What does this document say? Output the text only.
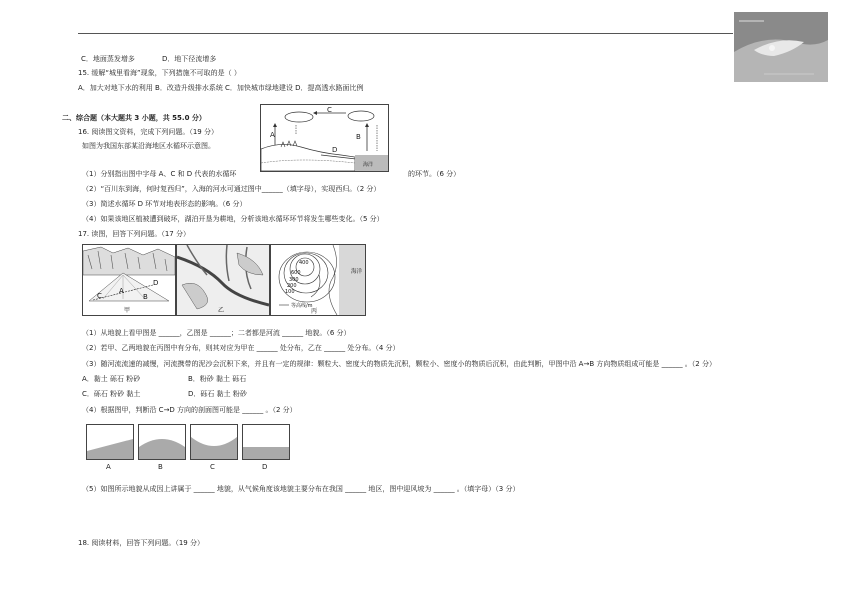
C．地面蒸发增多	D．地下径流增多
15. 缓解“城里看海”现象，下列措施不可取的是（ ）
A．加大对地下水的利用 B．改造升级排水系统 C．加快城市绿地建设 D．提高透水路面比例
二、综合题（本大题共 3 小题，共 55.0 分）
16. 阅读图文资料，完成下列问题。（19 分）
如图为我国东部某沿海地区水循环示意图。
A
C
D
B
海洋
（1）分别指出图中字母 A、C 和 D 代表的水循环	的环节。（6 分）
（2）“百川东到海，何时复西归”，入海的河水可通过图中______（填字母），实现西归。（2 分）
（3）简述水循环 D 环节对地表形态的影响。（6 分）
（4）如果该地区植被遭到破坏，湖泊开垦为耕地，分析该地水循环环节将发生哪些变化。（5 分）
17. 读图，回答下列问题。（17 分）
C
D
A
B
甲	乙
400
600
300
200
100
海洋
等高线/m
丙
（1）从地貌上看甲图是 ______，乙图是 ______；二者都是河流 ______ 地貌。（6 分）
（2）若甲、乙两地貌在丙图中有分布，则其对应为甲在 ______ 处分布，乙在 ______ 处分布。（4 分）
（3）随河流流速的减慢，河流携带的泥沙会沉积下来，并且有一定的规律：颗粒大、密度大的物质先沉积，颗粒小、密度小的物质后沉积，由此判断，甲图中沿 A→B 方向物质组成可能是 ______ 。（2 分）
A．黏土 砾石 粉砂	B．粉砂 黏土 砾石
C．砾石 粉砂 黏土	D．砾石 黏土 粉砂
（4）根据图甲，判断沿 C→D 方向的剖面图可能是 ______ 。（2 分）
A	B	C	D
（5）如图所示地貌从成因上讲属于 ______ 地貌，从气候角度该地貌主要分布在我国 ______ 地区，图中迎风坡为 ______ 。（填字母）（3 分）
18. 阅读材料，回答下列问题。（19 分）
